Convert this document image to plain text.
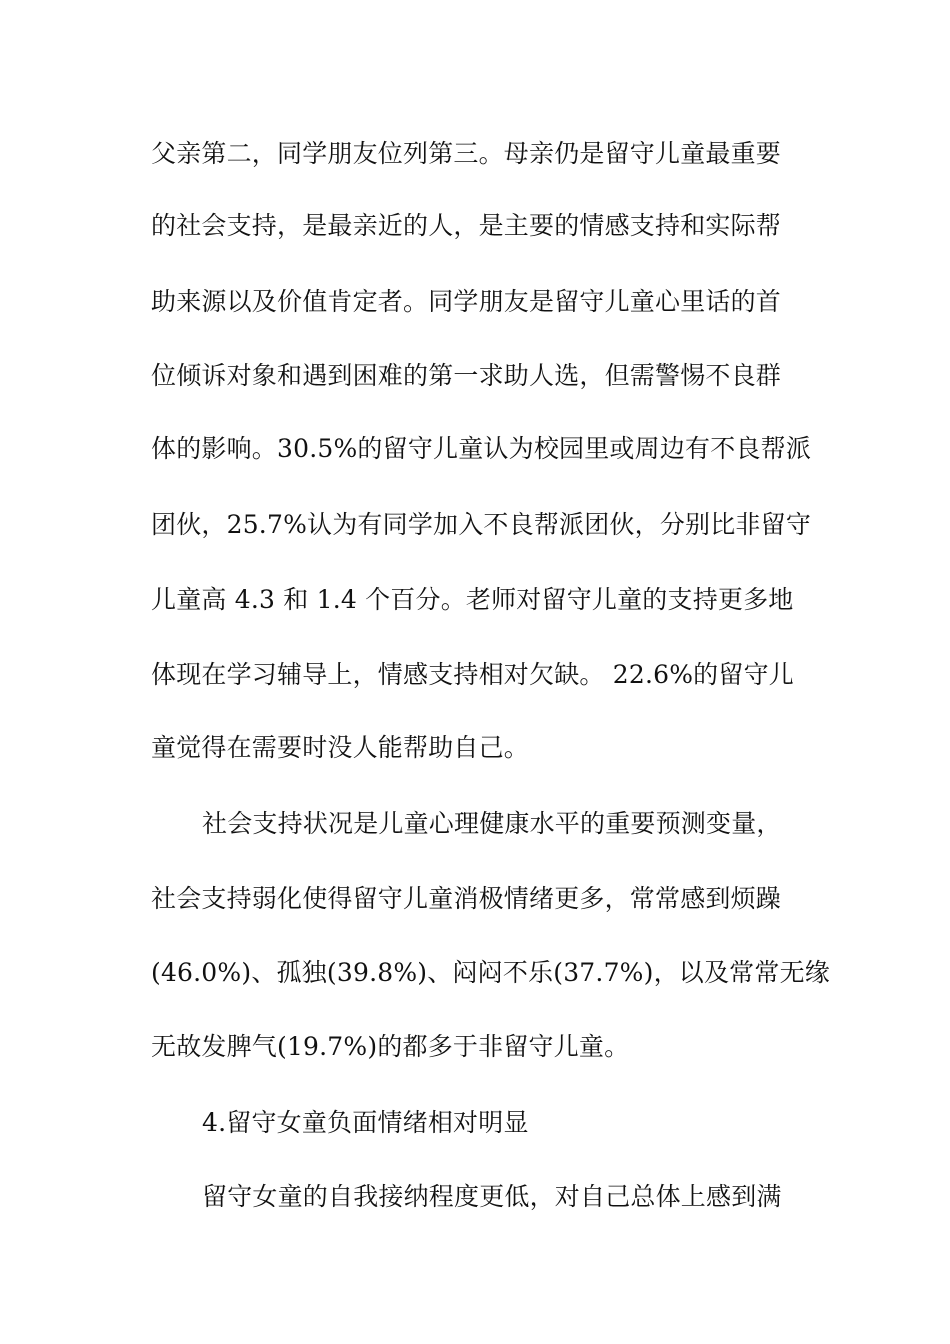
父亲第二，同学朋友位列第三。母亲仍是留守儿童最重要
的社会支持，是最亲近的人，是主要的情感支持和实际帮
助来源以及价值肯定者。同学朋友是留守儿童心里话的首
位倾诉对象和遇到困难的第一求助人选，但需警惕不良群
体的影响。30.5%的留守儿童认为校园里或周边有不良帮派
团伙，25.7%认为有同学加入不良帮派团伙，分别比非留守
儿童高 4.3 和 1.4 个百分。老师对留守儿童的支持更多地
体现在学习辅导上，情感支持相对欠缺。 22.6%的留守儿
童觉得在需要时没人能帮助自己。
社会支持状况是儿童心理健康水平的重要预测变量，
社会支持弱化使得留守儿童消极情绪更多，常常感到烦躁
(46.0%)、孤独(39.8%)、闷闷不乐(37.7%)，以及常常无缘
无故发脾气(19.7%)的都多于非留守儿童。
4.留守女童负面情绪相对明显
留守女童的自我接纳程度更低，对自己总体上感到满
